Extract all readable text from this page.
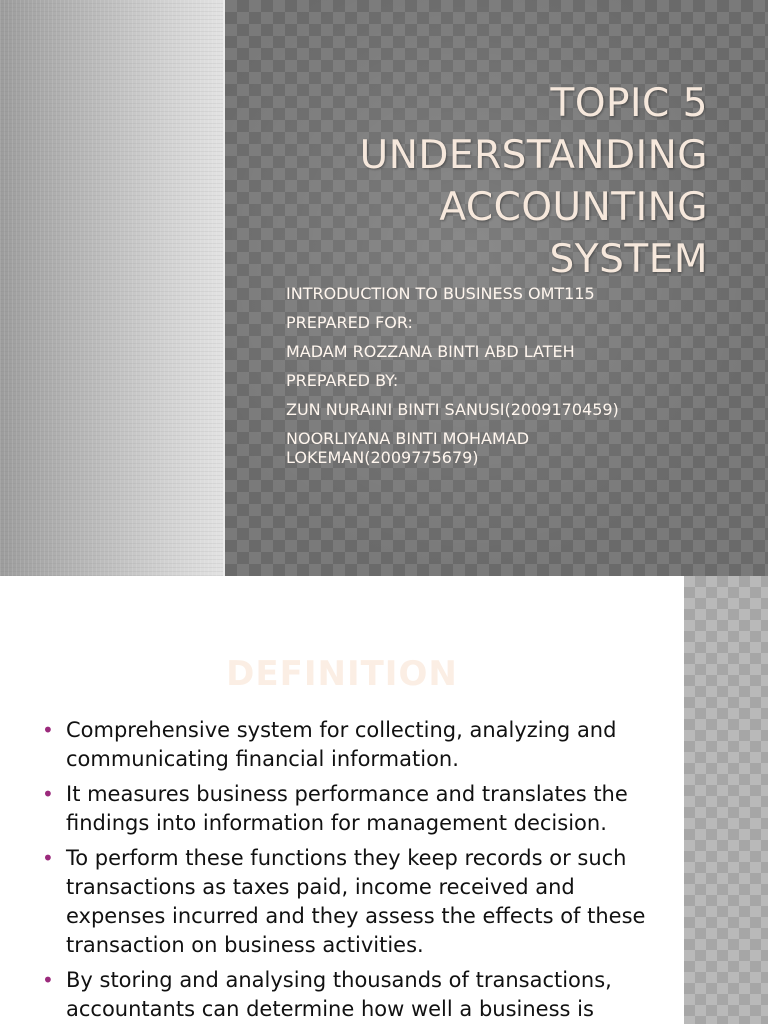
TOPIC 5
UNDERSTANDING
ACCOUNTING
SYSTEM
INTRODUCTION TO BUSINESS OMT115
PREPARED FOR:
MADAM ROZZANA BINTI ABD LATEH
PREPARED BY:
ZUN NURAINI BINTI SANUSI(2009170459)
NOORLIYANA BINTI MOHAMAD
LOKEMAN(2009775679)
DEFINITION
• Comprehensive system for collecting, analyzing and communicating financial information.
• It measures business performance and translates the findings into information for management decision.
• To perform these functions they keep records or such transactions as taxes paid, income received and expenses incurred and they assess the effects of these transaction on business activities.
• By storing and analysing thousands of transactions, accountants can determine how well a business is
